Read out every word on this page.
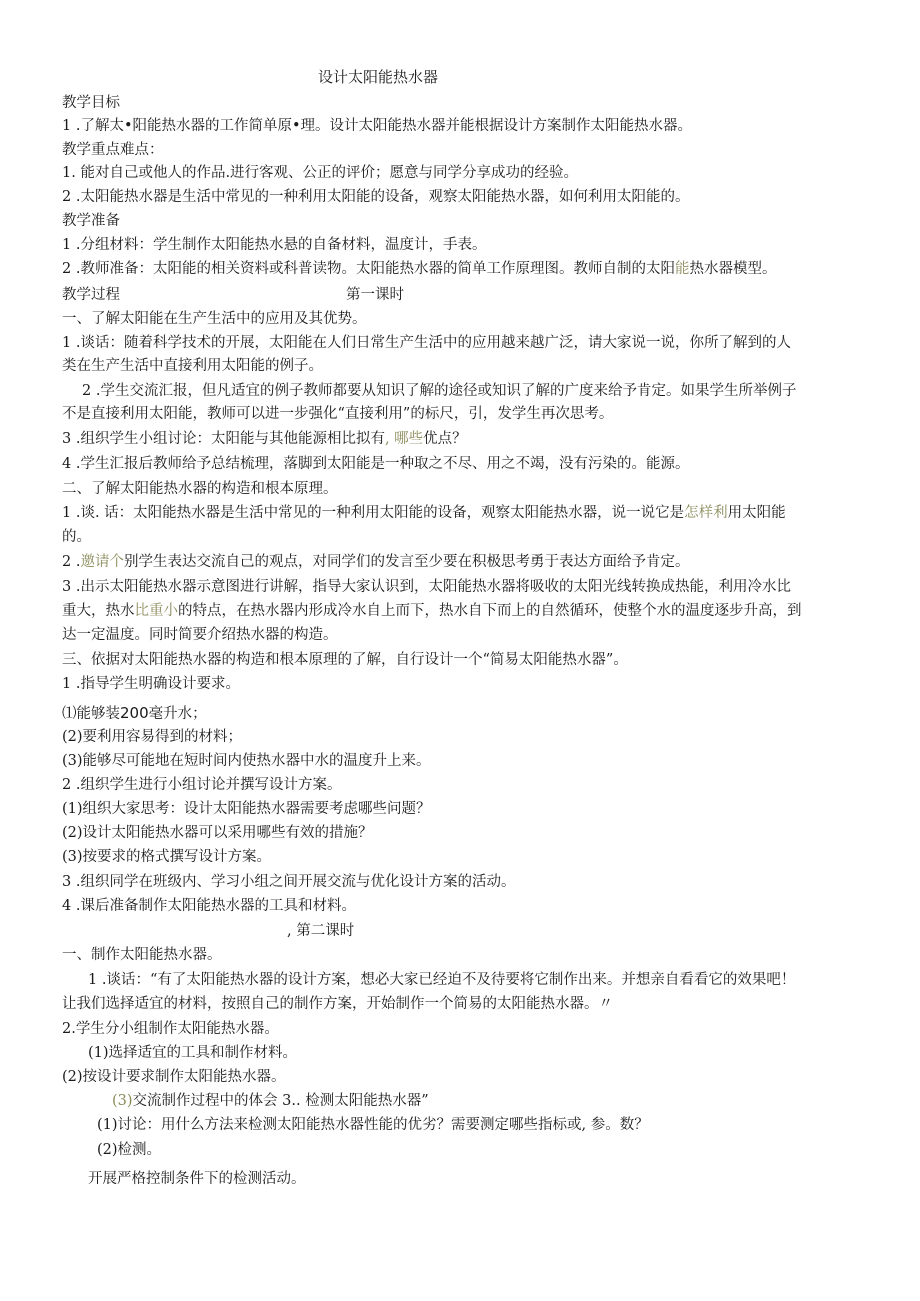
设计太阳能热水器
教学目标
1 .了解太•阳能热水器的工作简单原•理。设计太阳能热水器并能根据设计方案制作太阳能热水器。
教学重点难点：
1. 能对自己或他人的作品.进行客观、公正的评价；愿意与同学分享成功的经验。
2 .太阳能热水器是生活中常见的一种利用太阳能的设备，观察太阳能热水器，如何利用太阳能的。
教学准备
1 .分组材料：学生制作太阳能热水悬的自备材料，温度计，手表。
2 .教师准备：太阳能的相关资料或科普读物。太阳能热水器的简单工作原理图。教师自制的太阳能热水器模型。
教学过程	第一课时
一、了解太阳能在生产生活中的应用及其优势。
1 .谈话：随着科学技术的开展，太阳能在人们日常生产生活中的应用越来越广泛，请大家说一说，你所了解到的人
类在生产生活中直接利用太阳能的例子。
2 .学生交流汇报，但凡适宜的例子教师都要从知识了解的途径或知识了解的广度来给予肯定。如果学生所举例子
不是直接利用太阳能，教师可以进一步强化“直接利用”的标尺，引，发学生再次思考。
3 .组织学生小组讨论：太阳能与其他能源相比拟有, 哪些优点？
4 .学生汇报后教师给予总结梳理，落脚到太阳能是一种取之不尽、用之不竭，没有污染的。能源。
二、了解太阳能热水器的构造和根本原理。
1 .谈. 话：太阳能热水器是生活中常见的一种利用太阳能的设备，观察太阳能热水器，说一说它是怎样利用太阳能
的。
2 .邀请个别学生表达交流自己的观点，对同学们的发言至少要在积极思考勇于表达方面给予肯定。
3 .出示太阳能热水器示意图进行讲解，指导大家认识到，太阳能热水器将吸收的太阳光线转换成热能，利用冷水比
重大，热水比重小的特点，在热水器内形成冷水自上而下，热水自下而上的自然循环，使整个水的温度逐步升高，到
达一定温度。同时简要介绍热水器的构造。
三、依据对太阳能热水器的构造和根本原理的了解，自行设计一个“简易太阳能热水器”。
1 .指导学生明确设计要求。
⑴能够装200毫升水；
(2)要利用容易得到的材料；
(3)能够尽可能地在短时间内使热水器中水的温度升上来。
2 .组织学生进行小组讨论并撰写设计方案。
(1)组织大家思考：设计太阳能热水器需要考虑哪些问题？
(2)设计太阳能热水器可以采用哪些有效的措施？
(3)按要求的格式撰写设计方案。
3 .组织同学在班级内、学习小组之间开展交流与优化设计方案的活动。
4 .课后准备制作太阳能热水器的工具和材料。
, 第二课时
一、制作太阳能热水器。
1 .谈话：“有了太阳能热水器的设计方案，想必大家已经迫不及待要将它制作出来。并想亲自看看它的效果吧！
让我们选择适宜的材料，按照自己的制作方案，开始制作一个简易的太阳能热水器。〃
2.学生分小组制作太阳能热水器。
(1)选择适宜的工具和制作材料。
(2)按设计要求制作太阳能热水器。
(3)交流制作过程中的体会 3.. 检测太阳能热水器”
(1)讨论：用什么方法来检测太阳能热水器性能的优劣？需要测定哪些指标或, 参。数？
(2)检测。
开展严格控制条件下的检测活动。
